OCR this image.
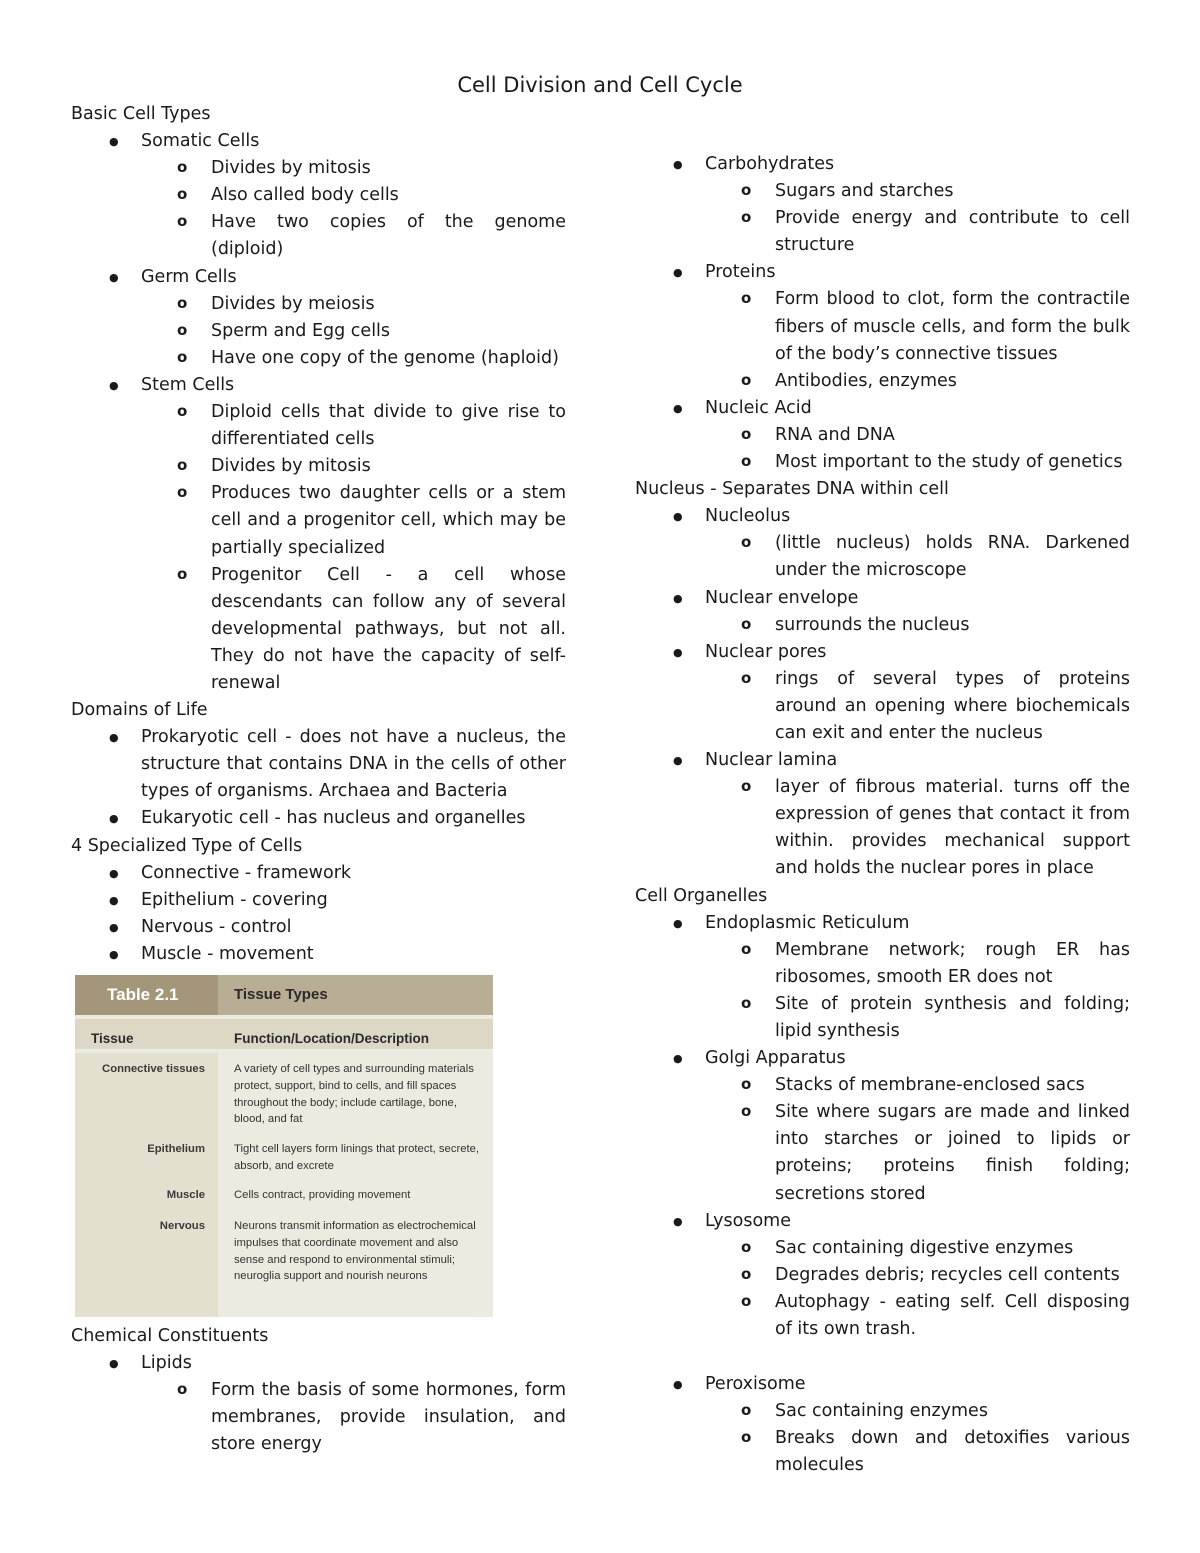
Cell Division and Cell Cycle

Basic Cell Types

● Somatic Cells
o Divides by mitosis
o Also called body cells
o Have two copies of the genome (diploid)
● Germ Cells
o Divides by meiosis
o Sperm and Egg cells
o Have one copy of the genome (haploid)
● Stem Cells
o Diploid cells that divide to give rise to differentiated cells
o Divides by mitosis
o Produces two daughter cells or a stem cell and a progenitor cell, which may be partially specialized
o Progenitor Cell - a cell whose descendants can follow any of several developmental pathways, but not all. They do not have the capacity of self-renewal

Domains of Life

● Prokaryotic cell - does not have a nucleus, the structure that contains DNA in the cells of other types of organisms. Archaea and Bacteria
● Eukaryotic cell - has nucleus and organelles

4 Specialized Type of Cells

● Connective - framework
● Epithelium - covering
● Nervous - control
● Muscle - movement
Table 2.1	Tissue Types
Tissue	Function/Location/Description
Connective tissues	A variety of cell types and surrounding materials protect, support, bind to cells, and fill spaces throughout the body; include cartilage, bone, blood, and fat
Epithelium	Tight cell layers form linings that protect, secrete, absorb, and excrete
Muscle	Cells contract, providing movement
Nervous	Neurons transmit information as electrochemical impulses that coordinate movement and also sense and respond to environmental stimuli; neuroglia support and nourish neurons

Chemical Constituents

● Lipids
o Form the basis of some hormones, form membranes, provide insulation, and store energy
● Carbohydrates
o Sugars and starches
o Provide energy and contribute to cell structure
● Proteins
o Form blood to clot, form the contractile fibers of muscle cells, and form the bulk of the body’s connective tissues
o Antibodies, enzymes
● Nucleic Acid
o RNA and DNA
o Most important to the study of genetics

Nucleus - Separates DNA within cell

● Nucleolus
o (little nucleus) holds RNA. Darkened under the microscope
● Nuclear envelope
o surrounds the nucleus
● Nuclear pores
o rings of several types of proteins around an opening where biochemicals can exit and enter the nucleus
● Nuclear lamina
o layer of fibrous material. turns off the expression of genes that contact it from within. provides mechanical support and holds the nuclear pores in place

Cell Organelles

● Endoplasmic Reticulum
o Membrane network; rough ER has ribosomes, smooth ER does not
o Site of protein synthesis and folding; lipid synthesis
● Golgi Apparatus
o Stacks of membrane-enclosed sacs
o Site where sugars are made and linked into starches or joined to lipids or proteins; proteins finish folding; secretions stored
● Lysosome
o Sac containing digestive enzymes
o Degrades debris; recycles cell contents
o Autophagy - eating self. Cell disposing of its own trash.
● Peroxisome
o Sac containing enzymes
o Breaks down and detoxifies various molecules
